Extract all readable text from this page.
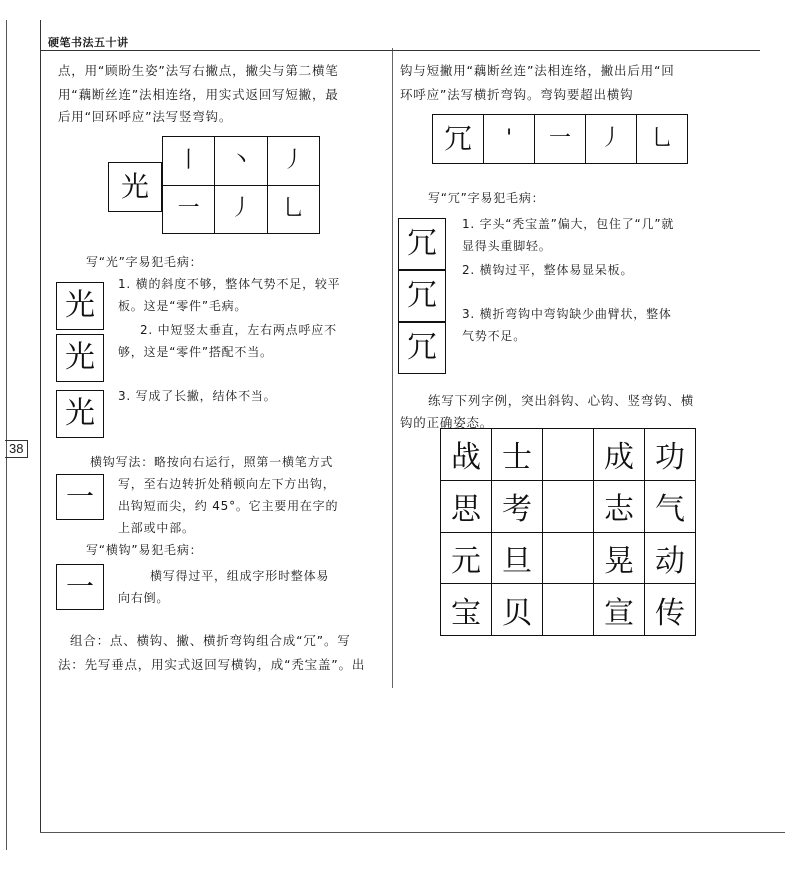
硬笔书法五十讲
38
点，用“顾盼生姿”法写右撇点，撇尖与第二横笔
用“藕断丝连”法相连络，用实式返回写短撇，最
后用“回环呼应”法写竖弯钩。
光
丨 丶 丿
一 丿 乚
写“光”字易犯毛病：
光
光
光
1. 横的斜度不够，整体气势不足，较平
板。这是“零件”毛病。
2. 中短竖太垂直，左右两点呼应不
够，这是“零件”搭配不当。
3. 写成了长撇，结体不当。
一
横钩写法：略按向右运行，照第一横笔方式
写，至右边转折处稍顿向左下方出钩，
出钩短而尖，约 45°。它主要用在字的
上部或中部。
写“横钩”易犯毛病：
一	横写得过平，组成字形时整体易
向右倒。
组合：点、横钩、撇、横折弯钩组合成“冗”。写
法：先写垂点，用实式返回写横钩，成“秃宝盖”。出
钩与短撇用“藕断丝连”法相连络，撇出后用“回
环呼应”法写横折弯钩。弯钩要超出横钩
冗 ' 一 丿 乚
写“冗”字易犯毛病：
冗
冗
冗
1. 字头“秃宝盖”偏大，包住了“几”就
显得头重脚轻。
2. 横钩过平，整体易显呆板。
3. 横折弯钩中弯钩缺少曲臂状，整体
气势不足。
练写下列字例，突出斜钩、心钩、竖弯钩、横
钩的正确姿态。
战 士	成 功
思 考	志 气
元 旦	晃 动
宝 贝	宣 传
